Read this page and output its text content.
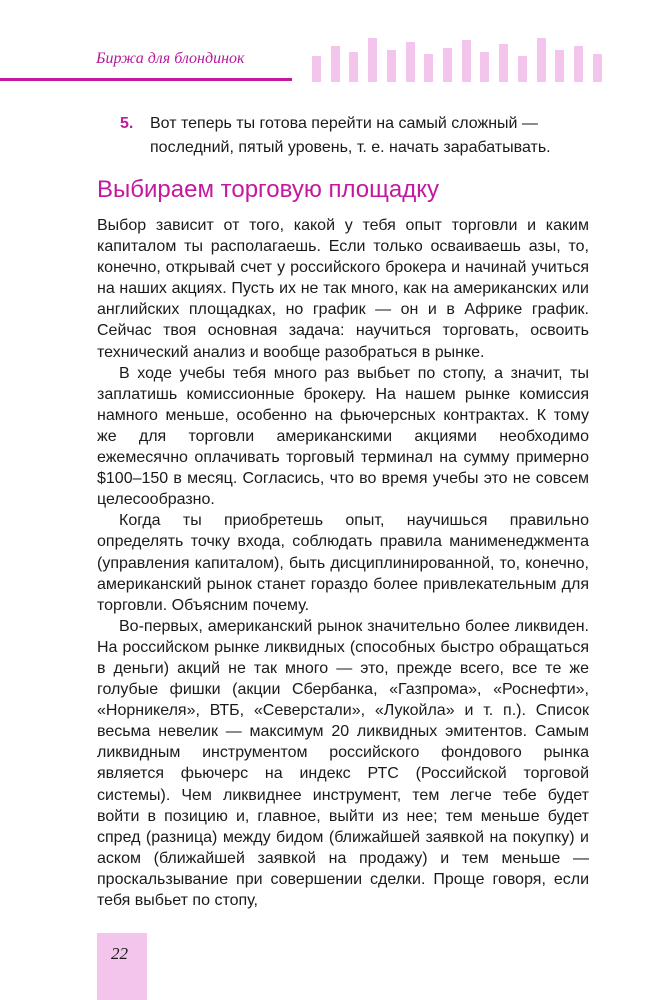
Биржа для блондинок
5. Вот теперь ты готова перейти на самый сложный — последний, пятый уровень, т. е. начать зарабатывать.
Выбираем торговую площадку

Выбор зависит от того, какой у тебя опыт торговли и каким капиталом ты располагаешь. Если только осваиваешь азы, то, конечно, открывай счет у российского брокера и начинай учиться на наших акциях. Пусть их не так много, как на американских или английских площадках, но график — он и в Африке график. Сейчас твоя основная задача: научиться торговать, освоить технический анализ и вообще разобраться в рынке.

В ходе учебы тебя много раз выбьет по стопу, а значит, ты заплатишь комиссионные брокеру. На нашем рынке комиссия намного меньше, особенно на фьючерсных контрактах. К тому же для торговли американскими акциями необходимо ежемесячно оплачивать торговый терминал на сумму примерно $100–150 в месяц. Согласись, что во время учебы это не совсем целесообразно.

Когда ты приобретешь опыт, научишься правильно определять точку входа, соблюдать правила манименеджмента (управления капиталом), быть дисциплинированной, то, конечно, американский рынок станет гораздо более привлекательным для торговли. Объясним почему.

Во-первых, американский рынок значительно более ликвиден. На российском рынке ликвидных (способных быстро обращаться в деньги) акций не так много — это, прежде всего, все те же голубые фишки (акции Сбербанка, «Газпрома», «Роснефти», «Норникеля», ВТБ, «Северстали», «Лукойла» и т. п.). Список весьма невелик — максимум 20 ликвидных эмитентов. Самым ликвидным инструментом российского фондового рынка является фьючерс на индекс РТС (Российской торговой системы). Чем ликвиднее инструмент, тем легче тебе будет войти в позицию и, главное, выйти из нее; тем меньше будет спред (разница) между бидом (ближайшей заявкой на покупку) и аском (ближайшей заявкой на продажу) и тем меньше — проскальзывание при совершении сделки. Проще говоря, если тебя выбьет по стопу,

22
